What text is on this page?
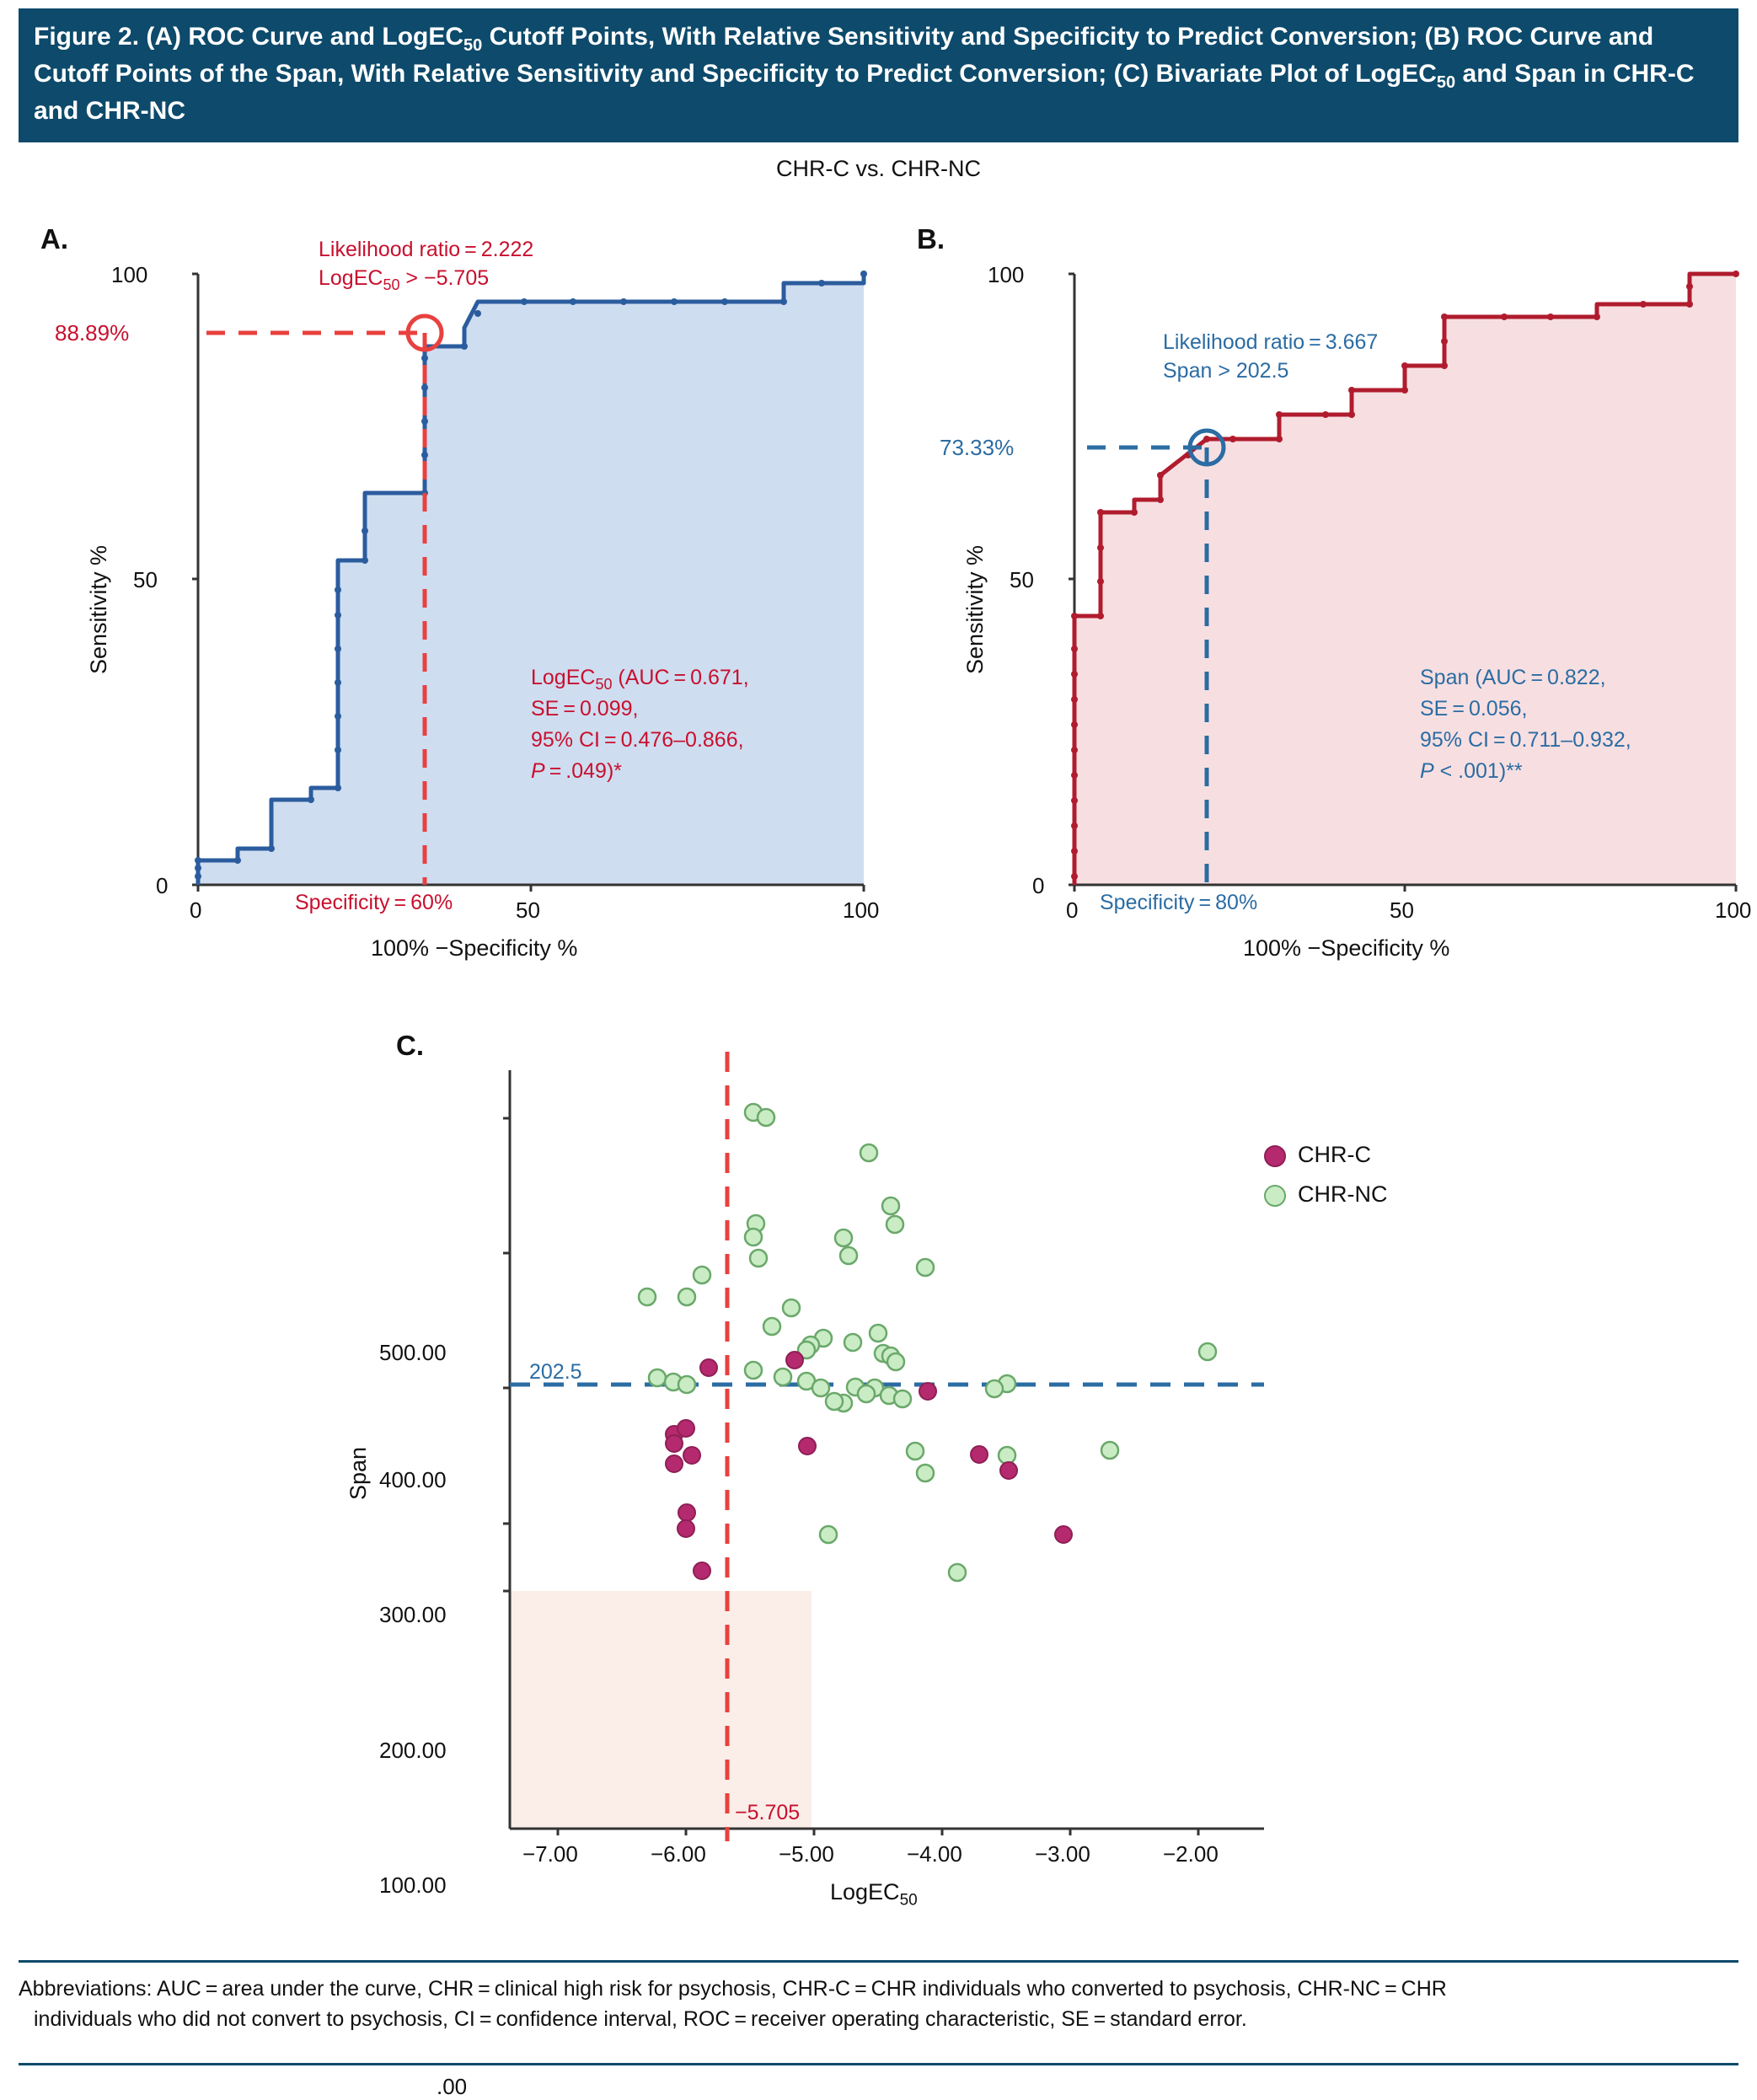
Figure 2. (A) ROC Curve and LogEC$_{50}$ Cutoff Points, With Relative Sensitivity and Specificity to Predict Conversion; (B) ROC Curve and Cutoff Points of the Span, With Relative Sensitivity and Specificity to Predict Conversion; (C) Bivariate Plot of LogEC$_{50}$ and Span in CHR-C and CHR-NC
CHR-C vs. CHR-NC
A.
0
50
100
0	50	100
88.89%
Sensitivity %
100% −Specificity %
Likelihood ratio = 2.222
LogEC$_{50}$ > −5.705
Specificity = 60%
LogEC$_{50}$ (AUC = 0.671,
SE = 0.099,
95% CI = 0.476–0.866,
P = .049)*
B.
0
50
100
0	50	100
73.33%
Sensitivity %
100% −Specificity %
Likelihood ratio = 3.667
Span > 202.5
Specificity = 80%
Span (AUC = 0.822,
SE = 0.056,
95% CI = 0.711–0.932,
P < .001)**
C.
.00
100.00
200.00
300.00
400.00
500.00
−7.00	−6.00	−5.00	−4.00	−3.00	−2.00
Span
LogEC$_{50}$
202.5
−5.705
CHR-C
CHR-NC
Abbreviations: AUC = area under the curve, CHR = clinical high risk for psychosis, CHR-C = CHR individuals who converted to psychosis, CHR-NC = CHR
individuals who did not convert to psychosis, CI = confidence interval, ROC = receiver operating characteristic, SE = standard error.
